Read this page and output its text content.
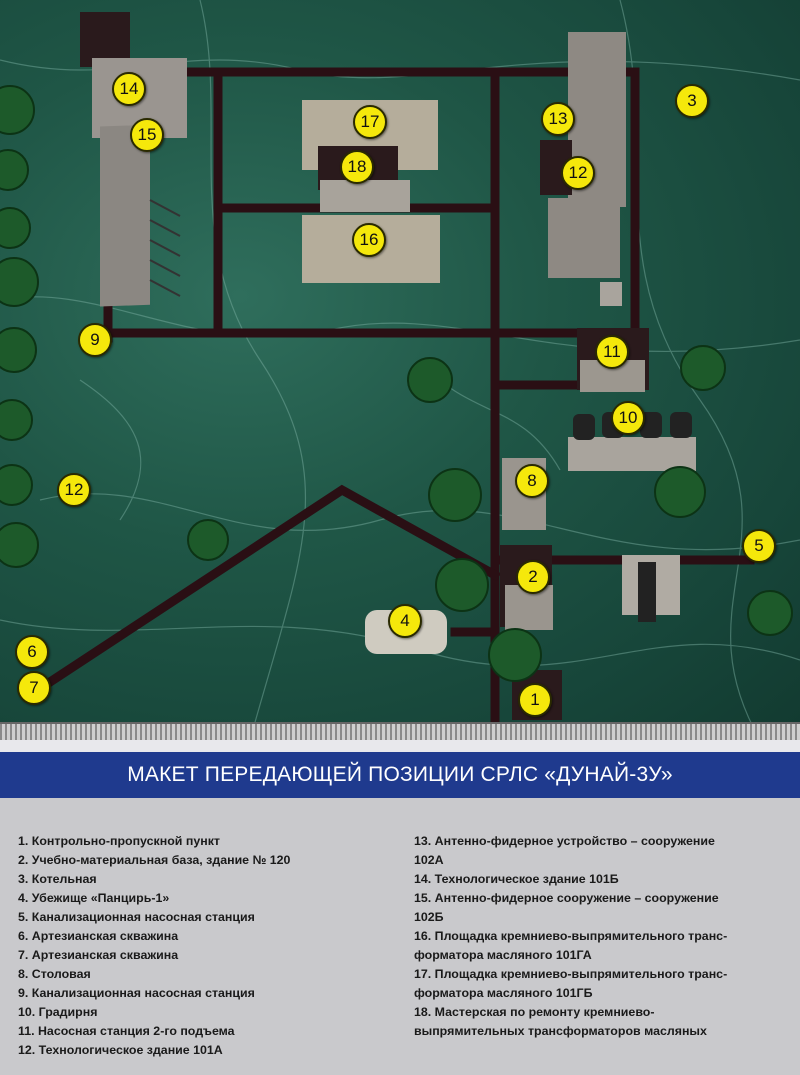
1
2
3
4
5
6
7
8
9
10
11
12
12
13
14
15
16
17
18
МАКЕТ ПЕРЕДАЮЩЕЙ ПОЗИЦИИ СРЛС «ДУНАЙ-3У»

1. Контрольно-пропускной пункт

2. Учебно-материальная база, здание № 120

3. Котельная

4. Убежище «Панцирь-1»

5. Канализационная насосная станция

6. Артезианская скважина

7. Артезианская скважина

8. Столовая

9. Канализационная насосная станция

10. Градирня

11. Насосная станция 2-го подъема

12. Технологическое здание 101А

13. Антенно-фидерное устройство – сооружение

102А

14. Технологическое здание 101Б

15. Антенно-фидерное сооружение – сооружение

102Б

16. Площадка кремниево-выпрямительного транс-

форматора масляного 101ГА

17. Площадка кремниево-выпрямительного транс-

форматора масляного 101ГБ

18. Мастерская по ремонту кремниево-

выпрямительных трансформаторов масляных
